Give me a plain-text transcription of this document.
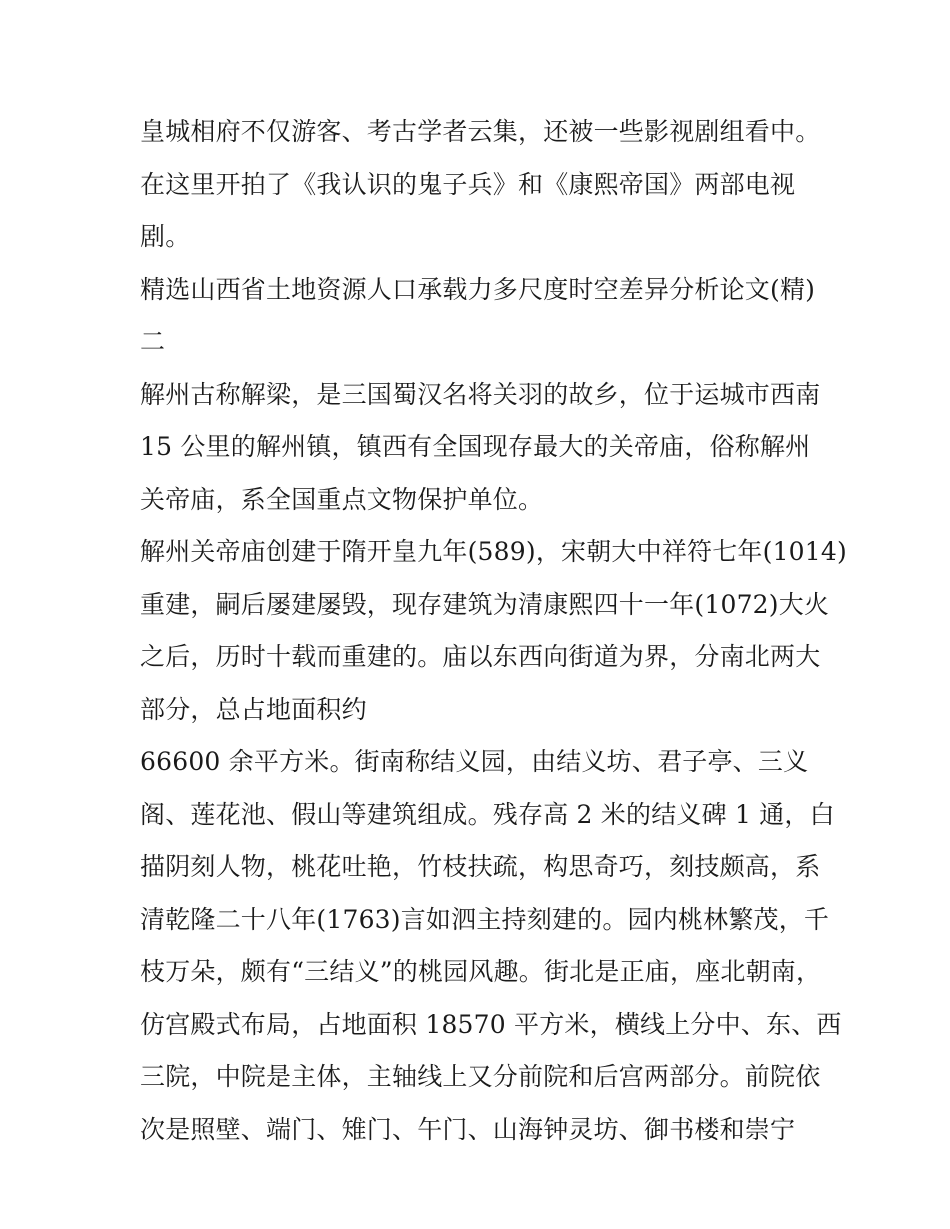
皇城相府不仅游客、考古学者云集，还被一些影视剧组看中。
在这里开拍了《我认识的鬼子兵》和《康熙帝国》两部电视
剧。
精选山西省土地资源人口承载力多尺度时空差异分析论文(精)
二
解州古称解梁，是三国蜀汉名将关羽的故乡，位于运城市西南
15 公里的解州镇，镇西有全国现存最大的关帝庙，俗称解州
关帝庙，系全国重点文物保护单位。
解州关帝庙创建于隋开皇九年(589)，宋朝大中祥符七年(1014)
重建，嗣后屡建屡毁，现存建筑为清康熙四十一年(1072)大火
之后，历时十载而重建的。庙以东西向街道为界，分南北两大
部分，总占地面积约
66600 余平方米。街南称结义园，由结义坊、君子亭、三义
阁、莲花池、假山等建筑组成。残存高 2 米的结义碑 1 通，白
描阴刻人物，桃花吐艳，竹枝扶疏，构思奇巧，刻技颇高，系
清乾隆二十八年(1763)言如泗主持刻建的。园内桃林繁茂，千
枝万朵，颇有“三结义”的桃园风趣。街北是正庙，座北朝南，
仿宫殿式布局，占地面积 18570 平方米，横线上分中、东、西
三院，中院是主体，主轴线上又分前院和后宫两部分。前院依
次是照壁、端门、雉门、午门、山海钟灵坊、御书楼和崇宁
